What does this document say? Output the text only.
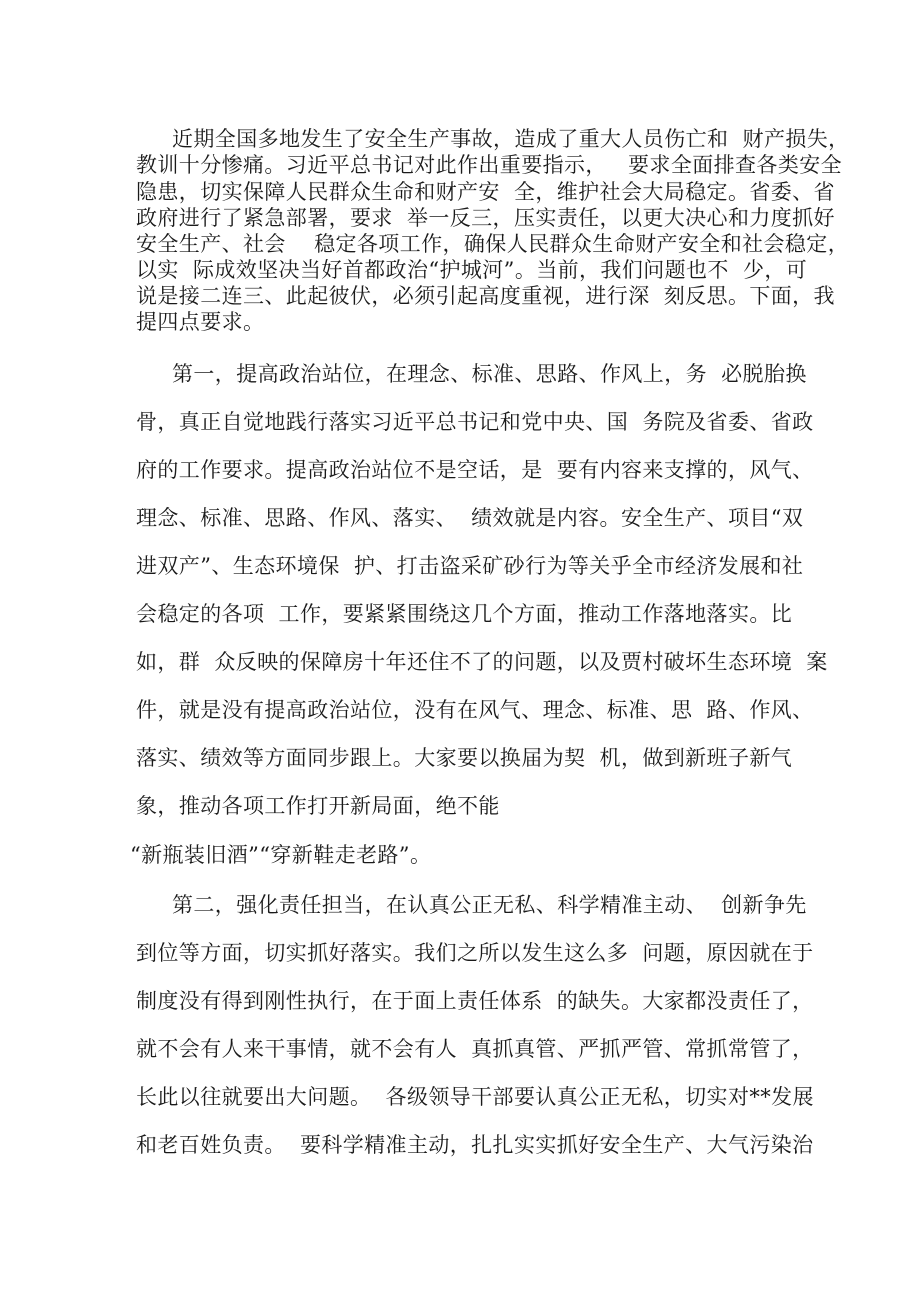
近期全国多地发生了安全生产事故，造成了重大人员伤亡和  财产损失，
教训十分惨痛。习近平总书记对此作出重要指示，   要求全面排查各类安全
隐患，切实保障人民群众生命和财产安  全，维护社会大局稳定。省委、省
政府进行了紧急部署，要求  举一反三，压实责任，以更大决心和力度抓好
安全生产、社会    稳定各项工作，确保人民群众生命财产安全和社会稳定，
以实  际成效坚决当好首都政治“护城河”。当前，我们问题也不  少，可
说是接二连三、此起彼伏，必须引起高度重视，进行深  刻反思。下面，我
提四点要求。
第一，提高政治站位，在理念、标准、思路、作风上，务  必脱胎换
骨，真正自觉地践行落实习近平总书记和党中央、国  务院及省委、省政
府的工作要求。提高政治站位不是空话，是  要有内容来支撑的，风气、
理念、标准、思路、作风、落实、  绩效就是内容。安全生产、项目“双
进双产”、生态环境保  护、打击盗采矿砂行为等关乎全市经济发展和社
会稳定的各项  工作，要紧紧围绕这几个方面，推动工作落地落实。比
如，群  众反映的保障房十年还住不了的问题，以及贾村破坏生态环境  案
件，就是没有提高政治站位，没有在风气、理念、标准、思  路、作风、
落实、绩效等方面同步跟上。大家要以换届为契  机，做到新班子新气
象，推动各项工作打开新局面，绝不能
“新瓶装旧酒”“穿新鞋走老路”。
第二，强化责任担当，在认真公正无私、科学精准主动、  创新争先
到位等方面，切实抓好落实。我们之所以发生这么多  问题，原因就在于
制度没有得到刚性执行，在于面上责任体系  的缺失。大家都没责任了，
就不会有人来干事情，就不会有人  真抓真管、严抓严管、常抓常管了，
长此以往就要出大问题。  各级领导干部要认真公正无私，切实对**发展
和老百姓负责。  要科学精准主动，扎扎实实抓好安全生产、大气污染治
